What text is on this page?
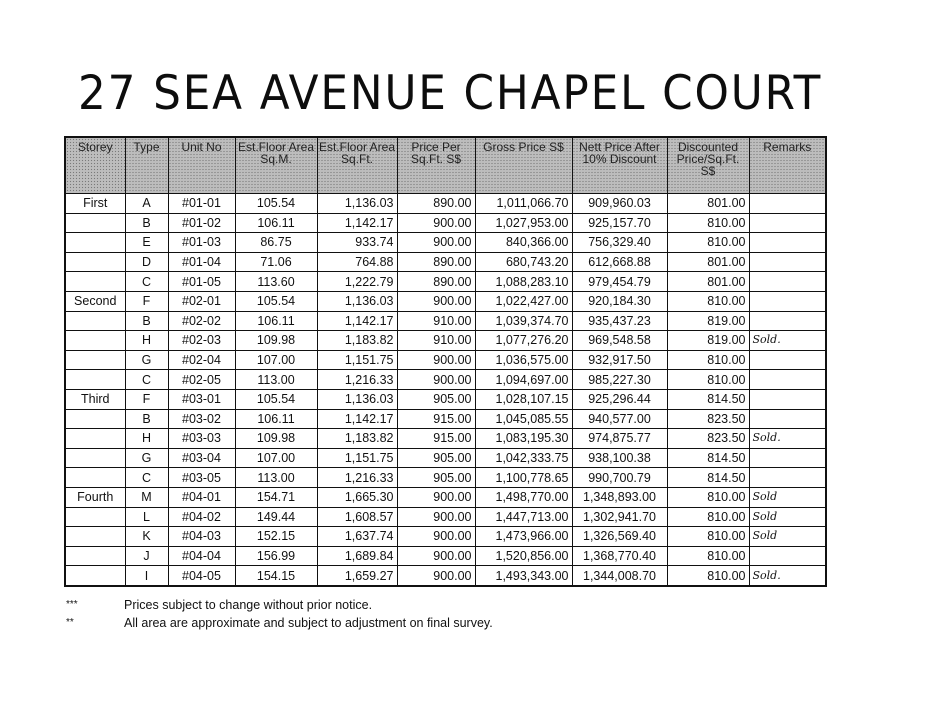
27 SEA AVENUE CHAPEL COURT
Storey	Type	Unit No	Est.Floor Area Sq.M.	Est.Floor Area Sq.Ft.	Price Per Sq.Ft. S$	Gross Price S$	Nett Price After 10% Discount	Discounted Price/Sq.Ft. S$	Remarks
First	A	#01-01	105.54	1,136.03	890.00	1,011,066.70	909,960.03	801.00	
	B	#01-02	106.11	1,142.17	900.00	1,027,953.00	925,157.70	810.00	
	E	#01-03	86.75	933.74	900.00	840,366.00	756,329.40	810.00	
	D	#01-04	71.06	764.88	890.00	680,743.20	612,668.88	801.00	
	C	#01-05	113.60	1,222.79	890.00	1,088,283.10	979,454.79	801.00	
Second	F	#02-01	105.54	1,136.03	900.00	1,022,427.00	920,184.30	810.00	
	B	#02-02	106.11	1,142.17	910.00	1,039,374.70	935,437.23	819.00	
	H	#02-03	109.98	1,183.82	910.00	1,077,276.20	969,548.58	819.00	Sold.
	G	#02-04	107.00	1,151.75	900.00	1,036,575.00	932,917.50	810.00	
	C	#02-05	113.00	1,216.33	900.00	1,094,697.00	985,227.30	810.00	
Third	F	#03-01	105.54	1,136.03	905.00	1,028,107.15	925,296.44	814.50	
	B	#03-02	106.11	1,142.17	915.00	1,045,085.55	940,577.00	823.50	
	H	#03-03	109.98	1,183.82	915.00	1,083,195.30	974,875.77	823.50	Sold.
	G	#03-04	107.00	1,151.75	905.00	1,042,333.75	938,100.38	814.50	
	C	#03-05	113.00	1,216.33	905.00	1,100,778.65	990,700.79	814.50	
Fourth	M	#04-01	154.71	1,665.30	900.00	1,498,770.00	1,348,893.00	810.00	Sold
	L	#04-02	149.44	1,608.57	900.00	1,447,713.00	1,302,941.70	810.00	Sold
	K	#04-03	152.15	1,637.74	900.00	1,473,966.00	1,326,569.40	810.00	Sold
	J	#04-04	156.99	1,689.84	900.00	1,520,856.00	1,368,770.40	810.00	
	I	#04-05	154.15	1,659.27	900.00	1,493,343.00	1,344,008.70	810.00	Sold.
***	Prices subject to change without prior notice.
**	All area are approximate and subject to adjustment on final survey.
